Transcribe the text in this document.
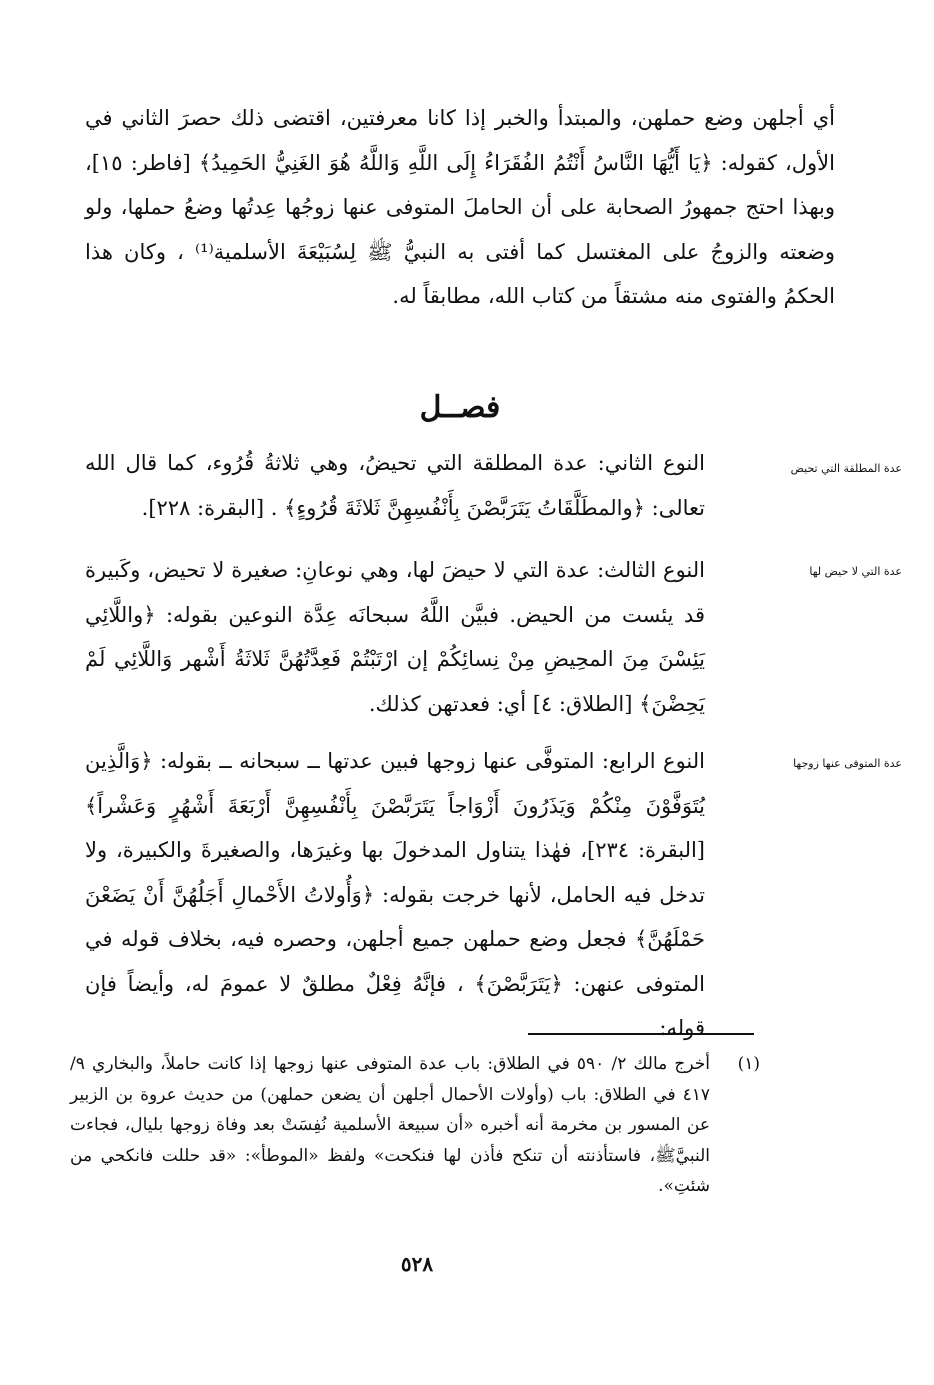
أي أجلهن وضع حملهن، والمبتدأ والخبر إذا كانا معرفتين، اقتضى ذلك حصرَ الثاني في الأول، كقوله: ﴿يَا أَيُّهَا النَّاسُ أَنْتُمُ الفُقَرَاءُ إِلَى اللَّهِ وَاللَّهُ هُوَ الغَنِيُّ الحَمِيدُ﴾ [فاطر: ١٥]، وبهذا احتج جمهورُ الصحابة على أن الحاملَ المتوفى عنها زوجُها عِدتُها وضعُ حملها، ولو وضعته والزوجُ على المغتسل كما أفتى به النبيُّ ﷺ لِسُبَيْعَةَ الأسلمية⁽¹⁾ ، وكان هذا الحكمُ والفتوى منه مشتقاً من كتاب الله، مطابقاً له.
فصــل
عدة المطلقة التي تحيض
النوع الثاني: عدة المطلقة التي تحيضُ، وهي ثلاثةُ قُرُوء، كما قال الله تعالى: ﴿والمطَلَّقَاتُ يَتَرَبَّصْنَ بِأَنْفُسِهِنَّ ثَلاثَةَ قُرُوءٍ﴾ . [البقرة: ٢٢٨].
عدة التي لا حيض لها
النوع الثالث: عدة التي لا حيضَ لها، وهي نوعانِ: صغيرة لا تحيض، وكَبيرة قد يئست من الحيض. فبيَّن اللَّهُ سبحانَه عِدَّة النوعين بقوله: ﴿واللَّائِي يَئِسْنَ مِنَ المحِيضِ مِنْ نِسائِكُمْ إن ارْتَبْتُمْ فَعِدَّتُهُنَّ ثَلاثَةُ أَشْهر وَاللَّائِي لَمْ يَحِضْنَ﴾ [الطلاق: ٤] أي: فعدتهن كذلك.
عدة المتوفى عنها زوجها
النوع الرابع: المتوفَّى عنها زوجها فبين عدتها ــ سبحانه ــ بقوله: ﴿وَالَّذِين يُتَوَفَّوْنَ مِنْكُمْ وَيَذَرُونَ أَزْوَاجاً يَتَرَبَّصْنَ بِأَنْفُسِهِنَّ أَرْبَعَةَ أَشْهُرٍ وَعَشْراً﴾ [البقرة: ٢٣٤]، فهٰذا يتناول المدخولَ بها وغيرَها، والصغيرةَ والكبيرة، ولا تدخل فيه الحامل، لأنها خرجت بقوله: ﴿وَأُولاتُ الأَحْمالِ أَجَلُهُنَّ أَنْ يَضَعْنَ حَمْلَهُنَّ﴾ فجعل وضع حملهن جميع أجلهن، وحصره فيه، بخلاف قوله في المتوفى عنهن: ﴿يَتَرَبَّصْنَ﴾ ، فإنَّهُ فِعْلٌ مطلقٌ لا عمومَ له، وأيضاً فإن قوله:
(١)
أخرج مالك ٢/ ٥٩٠ في الطلاق: باب عدة المتوفى عنها زوجها إذا كانت حاملاً، والبخاري ٩/ ٤١٧ في الطلاق: باب (وأولات الأحمال أجلهن أن يضعن حملهن) من حديث عروة بن الزبير عن المسور بن مخرمة أنه أخبره «أن سبيعة الأسلمية نُفِسَتْ بعد وفاة زوجها بليال، فجاءت النبيَّﷺ، فاستأذنته أن تنكح فأذن لها فنكحت» ولفظ «الموطأ»: «قد حللت فانكحي من شئتِ».
٥٢٨
